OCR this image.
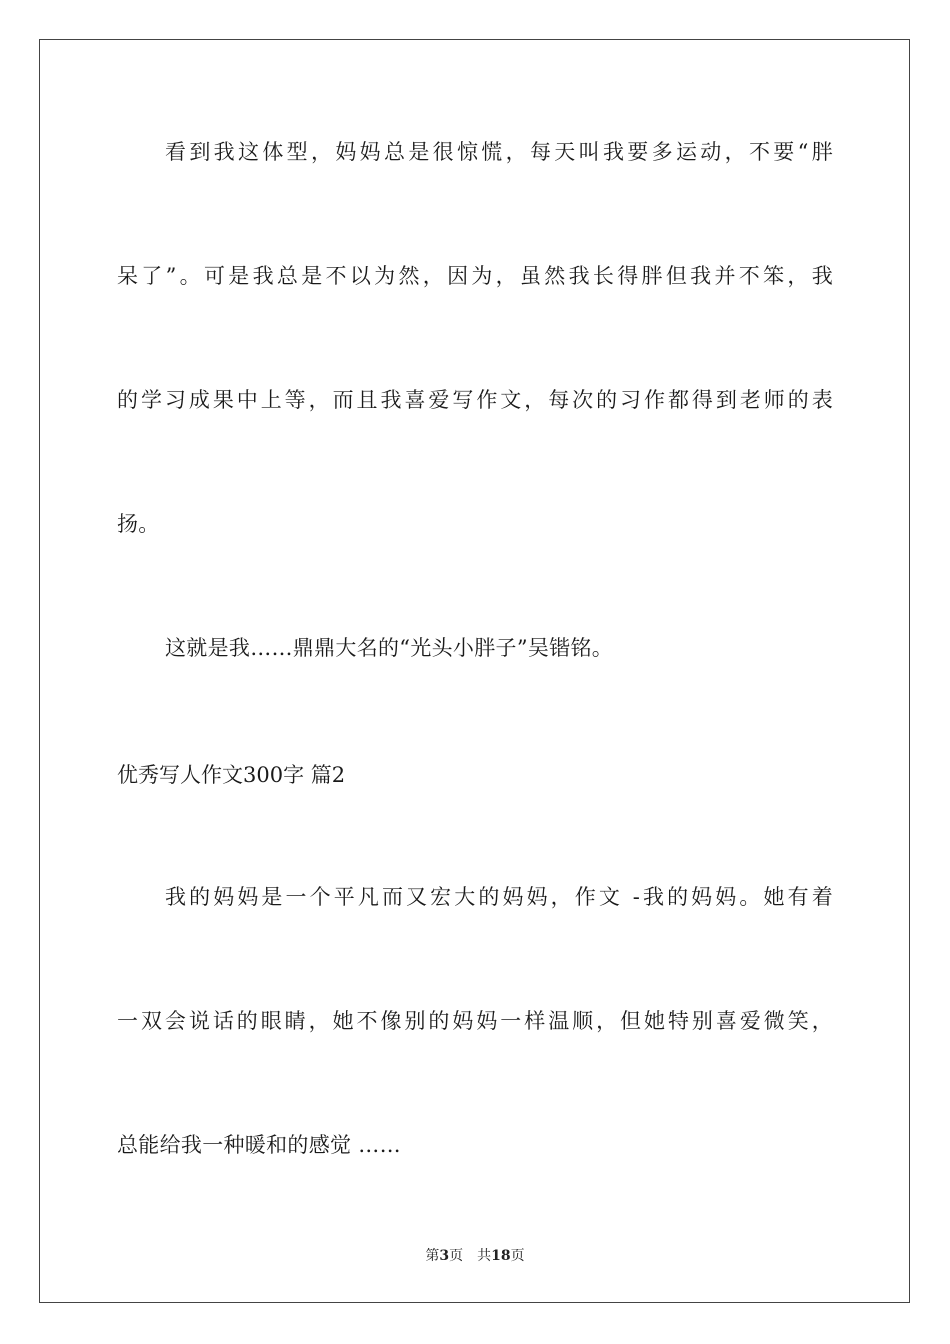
看到我这体型，妈妈总是很惊慌，每天叫我要多运动，不要“胖
呆了”。可是我总是不以为然，因为，虽然我长得胖但我并不笨，我
的学习成果中上等，而且我喜爱写作文，每次的习作都得到老师的表
扬。
这就是我……鼎鼎大名的“光头小胖子”吴锴铭。
优秀写人作文300字 篇2
我的妈妈是一个平凡而又宏大的妈妈，作文 -我的妈妈。她有着
一双会说话的眼睛，她不像别的妈妈一样温顺，但她特别喜爱微笑，
总能给我一种暖和的感觉 ……
第3页 共18页
